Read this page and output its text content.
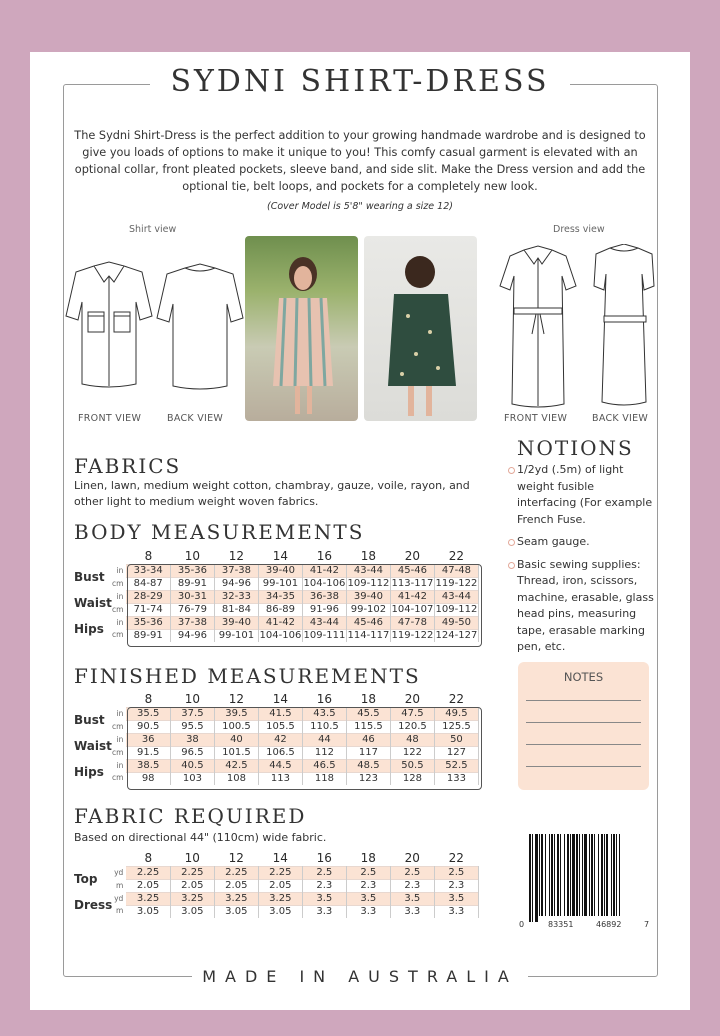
SYDNI SHIRT-DRESS
The Sydni Shirt-Dress is the perfect addition to your growing handmade wardrobe and is designed to give you loads of options to make it unique to you! This comfy casual garment is elevated with an optional collar, front pleated pockets, sleeve band, and side slit. Make the Dress version and add the optional tie, belt loops, and pockets for a completely new look.
(Cover Model is 5'8" wearing a size 12)
Shirt view	Dress view
FRONT VIEW	BACK VIEW	FRONT VIEW	BACK VIEW
FABRICS
Linen, lawn, medium weight cotton, chambray, gauze, voile, rayon, and other light to medium weight woven fabrics.
BODY MEASUREMENTS
		8	10	12	14	16	18	20	22
Bust	in	33-34	35-36	37-38	39-40	41-42	43-44	45-46	47-48
	cm	84-87	89-91	94-96	99-101	104-106	109-112	113-117	119-122
Waist	in	28-29	30-31	32-33	34-35	36-38	39-40	41-42	43-44
	cm	71-74	76-79	81-84	86-89	91-96	99-102	104-107	109-112
Hips	in	35-36	37-38	39-40	41-42	43-44	45-46	47-78	49-50
	cm	89-91	94-96	99-101	104-106	109-111	114-117	119-122	124-127
FINISHED MEASUREMENTS
		8	10	12	14	16	18	20	22
Bust	in	35.5	37.5	39.5	41.5	43.5	45.5	47.5	49.5
	cm	90.5	95.5	100.5	105.5	110.5	115.5	120.5	125.5
Waist	in	36	38	40	42	44	46	48	50
	cm	91.5	96.5	101.5	106.5	112	117	122	127
Hips	in	38.5	40.5	42.5	44.5	46.5	48.5	50.5	52.5
	cm	98	103	108	113	118	123	128	133
FABRIC REQUIRED
Based on directional 44" (110cm) wide fabric.
		8	10	12	14	16	18	20	22
Top	yd	2.25	2.25	2.25	2.25	2.5	2.5	2.5	2.5
	m	2.05	2.05	2.05	2.05	2.3	2.3	2.3	2.3
Dress	yd	3.25	3.25	3.25	3.25	3.5	3.5	3.5	3.5
	m	3.05	3.05	3.05	3.05	3.3	3.3	3.3	3.3
NOTIONS
1/2yd (.5m) of light weight fusible interfacing (For example French Fuse.
Seam gauge.
Basic sewing supplies: Thread, iron, scissors, machine, erasable, glass head pins, measuring tape, erasable marking pen, etc.
NOTES
0	83351	46892	7
MADE IN AUSTRALIA
